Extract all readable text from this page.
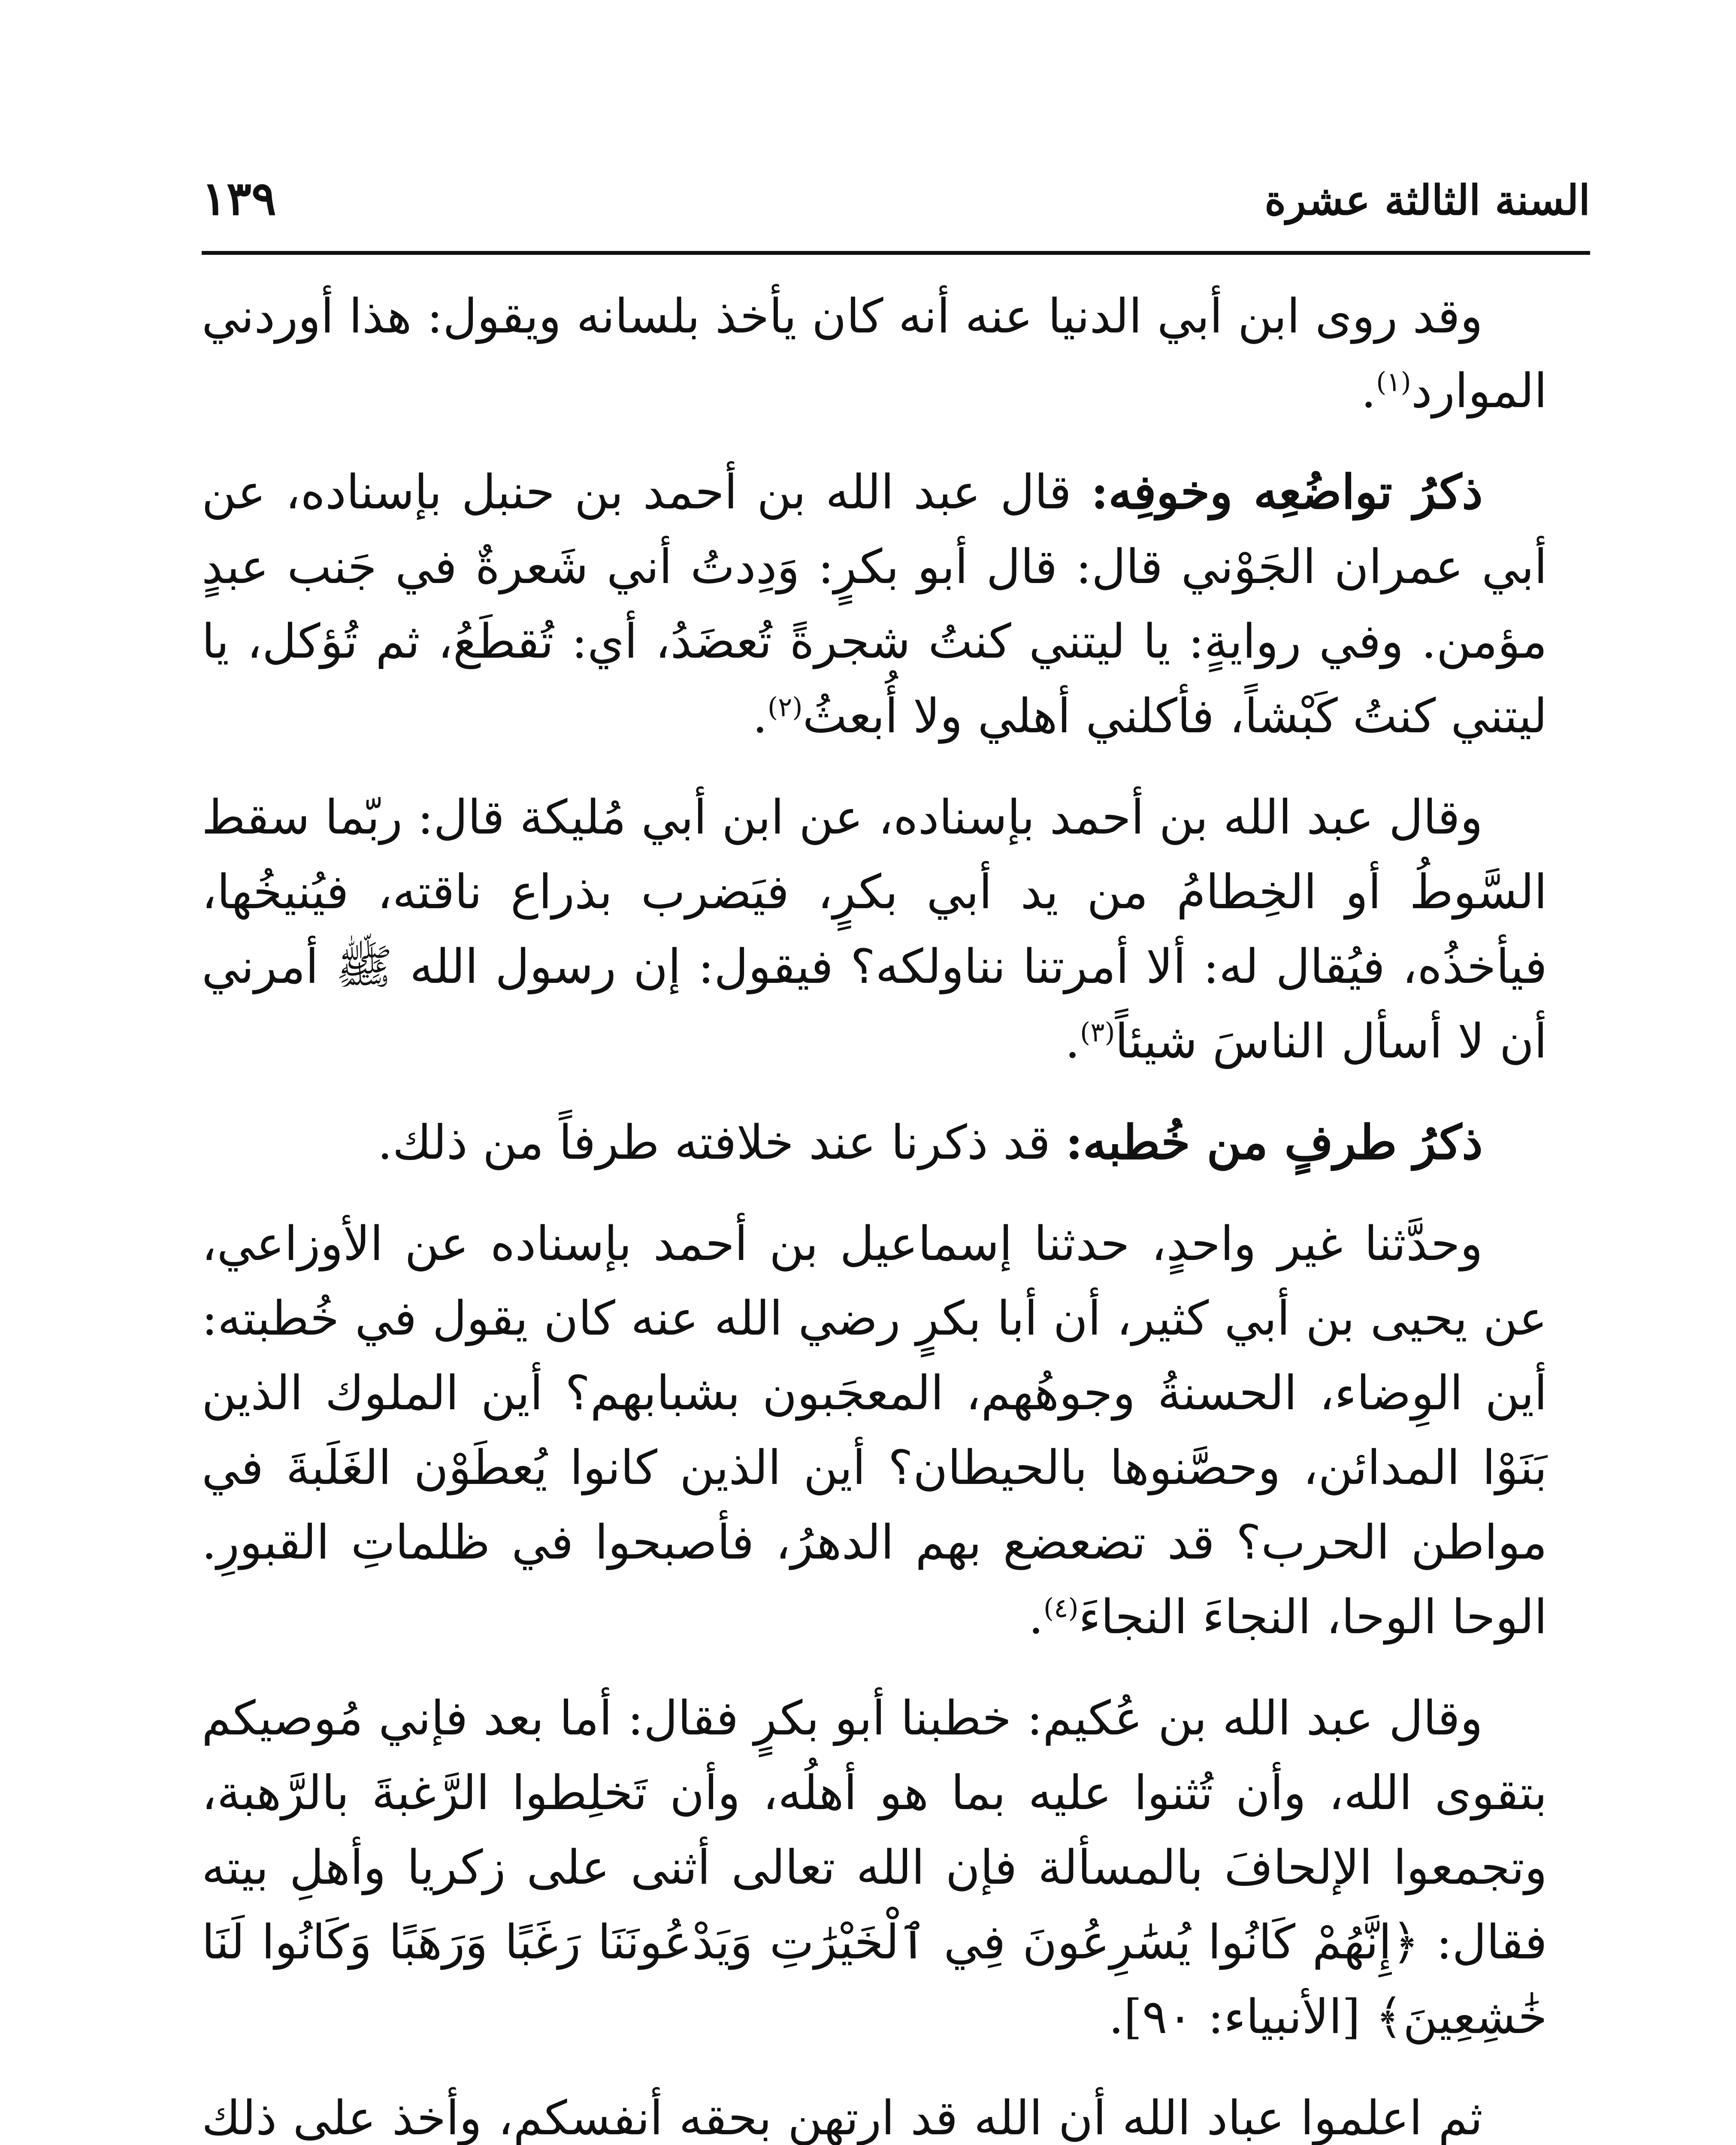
السنة الثالثة عشرة
١٣٩

وقد روى ابن أبي الدنيا عنه أنه كان يأخذ بلسانه ويقول: هذا أوردني الموارد$^{(١)}$.

ذكرُ تواضُعِه وخوفِه: قال عبد الله بن أحمد بن حنبل بإسناده، عن أبي عمران الجَوْني قال: قال أبو بكرٍ: وَدِدتُ أني شَعرةٌ في جَنب عبدٍ مؤمن. وفي روايةٍ: يا ليتني كنتُ شجرةً تُعضَدُ، أي: تُقطَعُ، ثم تُؤكل، يا ليتني كنتُ كَبْشاً، فأكلني أهلي ولا أُبعثُ$^{(٢)}$.

وقال عبد الله بن أحمد بإسناده، عن ابن أبي مُليكة قال: ربّما سقط السَّوطُ أو الخِطامُ من يد أبي بكرٍ، فيَضرب بذراع ناقته، فيُنيخُها، فيأخذُه، فيُقال له: ألا أمرتنا نناولكه؟ فيقول: إن رسول الله ﷺ أمرني أن لا أسأل الناسَ شيئاً$^{(٣)}$.

ذكرُ طرفٍ من خُطبه: قد ذكرنا عند خلافته طرفاً من ذلك.

وحدَّثنا غير واحدٍ، حدثنا إسماعيل بن أحمد بإسناده عن الأوزاعي، عن يحيى بن أبي كثير، أن أبا بكرٍ رضي الله عنه كان يقول في خُطبته: أين الوِضاء، الحسنةُ وجوهُهم، المعجَبون بشبابهم؟ أين الملوك الذين بَنَوْا المدائن، وحصَّنوها بالحيطان؟ أين الذين كانوا يُعطَوْن الغَلَبةَ في مواطن الحرب؟ قد تضعضع بهم الدهرُ، فأصبحوا في ظلماتِ القبورِ. الوحا الوحا، النجاءَ النجاءَ$^{(٤)}$.

وقال عبد الله بن عُكيم: خطبنا أبو بكرٍ فقال: أما بعد فإني مُوصيكم بتقوى الله، وأن تُثنوا عليه بما هو أهلُه، وأن تَخلِطوا الرَّغبةَ بالرَّهبة، وتجمعوا الإلحافَ بالمسألة فإن الله تعالى أثنى على زكريا وأهلِ بيته فقال: ﴿إِنَّهُمْ كَانُوا يُسَٰرِعُونَ فِي ٱلْخَيْرَٰتِ وَيَدْعُونَنَا رَغَبًا وَرَهَبًا وَكَانُوا لَنَا خَٰشِعِينَ﴾ [الأنبياء: ٩٠].

ثم اعلموا عباد الله أن الله قد ارتهن بحقه أنفسكم، وأخذ على ذلك
